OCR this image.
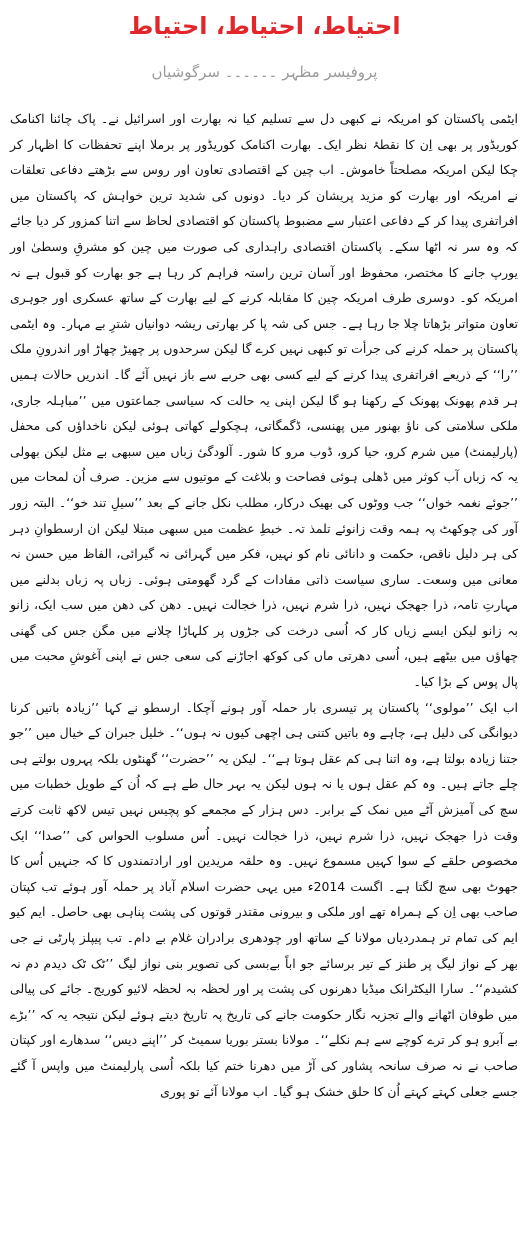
احتیاط، احتیاط، احتیاط
پروفیسر مظہر ۔۔۔۔۔۔ سرگوشیاں

ایٹمی پاکستان کو امریکہ نے کبھی دل سے تسلیم کیا نہ بھارت اور اسرائیل نے۔ پاک چائنا اکنامک کوریڈور پر بھی اِن کا نقطۂ نظر ایک۔ بھارت اکنامک کوریڈور پر برملا اپنے تحفظات کا اظہار کر چکا لیکن امریکہ مصلحتاً خاموش۔ اب چین کے اقتصادی تعاون اور روس سے بڑھتے دفاعی تعلقات نے امریکہ اور بھارت کو مزید پریشان کر دیا۔ دونوں کی شدید ترین خواہش کہ پاکستان میں افراتفری پیدا کر کے دفاعی اعتبار سے مضبوط پاکستان کو اقتصادی لحاظ سے اتنا کمزور کر دیا جائے کہ وہ سر نہ اٹھا سکے۔ پاکستان اقتصادی راہداری کی صورت میں چین کو مشرقِ وسطیٰ اور یورپ جانے کا مختصر، محفوظ اور آسان ترین راستہ فراہم کر رہا ہے جو بھارت کو قبول ہے نہ امریکہ کو۔ دوسری طرف امریکہ چین کا مقابلہ کرنے کے لیے بھارت کے ساتھ عسکری اور جوہری تعاون متواتر بڑھاتا چلا جا رہا ہے۔ جس کی شہ پا کر بھارتی ریشہ دوانیاں شترِ بے مہار۔ وہ ایٹمی پاکستان پر حملہ کرنے کی جرأت تو کبھی نہیں کرے گا لیکن سرحدوں پر چھیڑ چھاڑ اور اندرونِ ملک ’’را‘‘ کے ذریعے افراتفری پیدا کرنے کے لیے کسی بھی حربے سے باز نہیں آئے گا۔ اندریں حالات ہمیں ہر قدم پھونک پھونک کے رکھنا ہو گا لیکن اپنی یہ حالت کہ سیاسی جماعتوں میں ’’مباہلہ جاری، ملکی سلامتی کی ناؤ بھنور میں پھنسی، ڈگمگاتی، ہچکولے کھاتی ہوئی لیکن ناخداؤں کی محفل (پارلیمنٹ) میں شرم کرو، حیا کرو، ڈوب مرو کا شور۔ آلودگیٔ زباں میں سبھی بے مثل لیکن بھولی یہ کہ زباں آب کوثر میں ڈھلی ہوئی فصاحت و بلاغت کے موتیوں سے مزین۔ صرف اُن لمحات میں ’’جوئے نغمہ خواں‘‘ جب ووٹوں کی بھیک درکار، مطلب نکل جانے کے بعد ’’سیلِ تند خو‘‘۔ البتہ زور آور کی چوکھٹ پہ ہمہ وقت زانوئے تلمذ تہ۔ خبطِ عظمت میں سبھی مبتلا لیکن ان ارسطوانِ دہر کی ہر دلیل ناقص، حکمت و دانائی نام کو نہیں، فکر میں گہرائی نہ گیرائی، الفاظ میں حسن نہ معانی میں وسعت۔ ساری سیاست ذاتی مفادات کے گرد گھومتی ہوئی۔ زباں پہ زباں بدلنے میں مہارتِ تامہ، ذرا جھجک نہیں، ذرا شرم نہیں، ذرا خجالت نہیں۔ دھن کی دھن میں سب ایک، زانو بہ زانو لیکن ایسے زیاں کار کہ اُسی درخت کی جڑوں پر کلہاڑا چلانے میں مگن جس کی گھنی چھاؤں میں بیٹھے ہیں، اُسی دھرتی ماں کی کوکھ اجاڑنے کی سعی جس نے اپنی آغوشِ محبت میں پال پوس کے بڑا کیا۔

اب ایک ’’مولوی‘‘ پاکستان پر تیسری بار حملہ آور ہونے آچکا۔ ارسطو نے کہا ’’زیادہ باتیں کرنا دیوانگی کی دلیل ہے، چاہے وہ باتیں کتنی ہی اچھی کیوں نہ ہوں‘‘۔ خلیل جبران کے خیال میں ’’جو جتنا زیادہ بولتا ہے، وہ اتنا ہی کم عقل ہوتا ہے‘‘۔ لیکن یہ ’’حضرت‘‘ گھنٹوں بلکہ پہروں بولتے ہی چلے جاتے ہیں۔ وہ کم عقل ہوں یا نہ ہوں لیکن یہ بہر حال طے ہے کہ اُن کے طویل خطبات میں سچ کی آمیزش آٹے میں نمک کے برابر۔ دس ہزار کے مجمعے کو پچیس نہیں تیس لاکھ ثابت کرتے وقت ذرا جھجک نہیں، ذرا شرم نہیں، ذرا خجالت نہیں۔ اُس مسلوب الحواس کی ’’صدا‘‘ ایک مخصوص حلقے کے سوا کہیں مسموع نہیں۔ وہ حلقہ مریدین اور ارادتمندوں کا کہ جنہیں اُس کا جھوٹ بھی سچ لگتا ہے۔ اگست 2014ء میں یہی حضرت اسلام آباد پر حملہ آور ہوئے تب کپتان صاحب بھی اِن کے ہمراہ تھے اور ملکی و بیرونی مقتدر قوتوں کی پشت پناہی بھی حاصل۔ ایم کیو ایم کی تمام تر ہمدردیاں مولانا کے ساتھ اور چودھری برادران غلام بے دام۔ تب پیپلز پارٹی نے جی بھر کے نواز لیگ پر طنز کے تیر برسائے جو اباً بےبسی کی تصویر بنی نواز لیگ ’’ٹک ٹک دیدم دم نہ کشیدم‘‘۔ سارا الیکٹرانک میڈیا دھرنوں کی پشت پر اور لحظہ بہ لحظہ لائیو کوریج۔ جائے کی پیالی میں طوفان اٹھانے والے تجزیہ نگار حکومت جانے کی تاریخ پہ تاریخ دیتے ہوئے لیکن نتیجہ یہ کہ ’’بڑے بے آبرو ہو کر ترے کوچے سے ہم نکلے‘‘۔ مولانا بستر بوریا سمیٹ کر ’’اپنے دیس‘‘ سدھارے اور کپتان صاحب نے نہ صرف سانحہ پشاور کی آڑ میں دھرنا ختم کیا بلکہ اُسی پارلیمنٹ میں واپس آ گئے جسے جعلی کہتے کہتے اُن کا حلق خشک ہو گیا۔ اب مولانا آئے تو پوری
